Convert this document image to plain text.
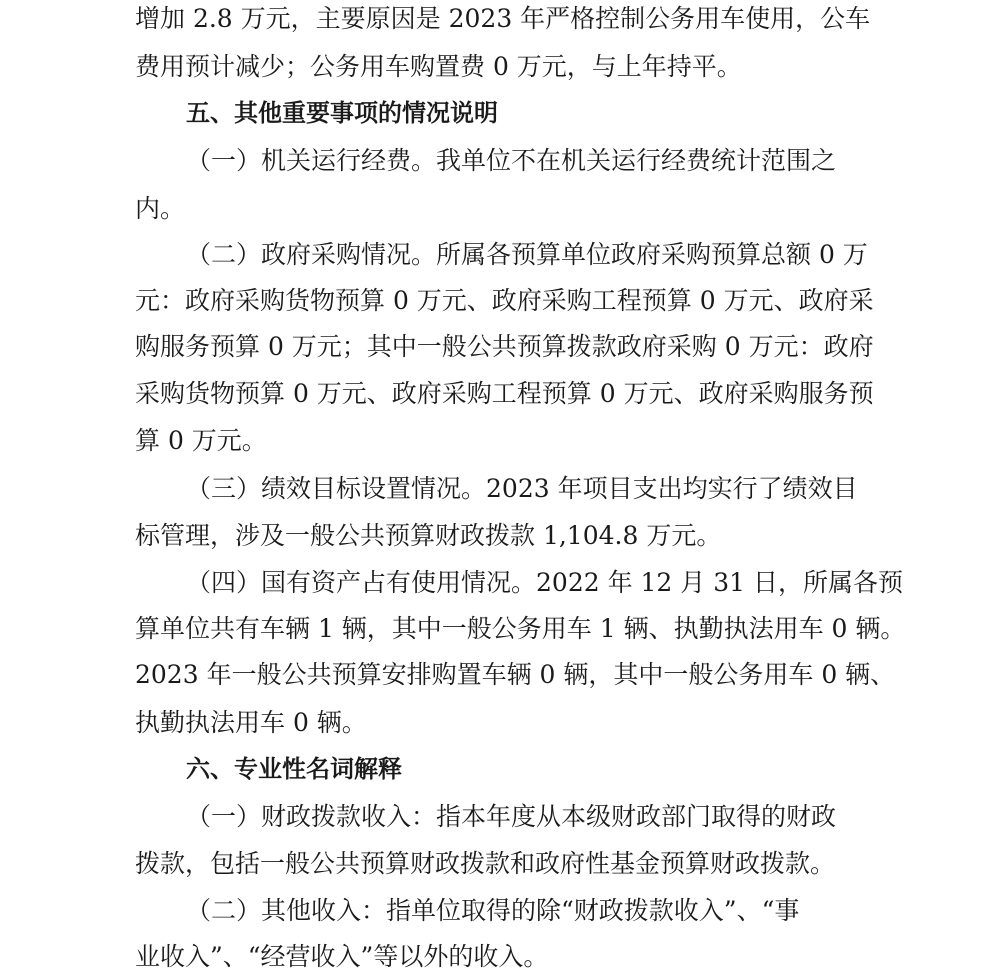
增加 2.8 万元，主要原因是 2023 年严格控制公务用车使用，公车
费用预计减少；公务用车购置费 0 万元，与上年持平。
五、其他重要事项的情况说明
（一）机关运行经费。我单位不在机关运行经费统计范围之
内。
（二）政府采购情况。所属各预算单位政府采购预算总额 0 万
元：政府采购货物预算 0 万元、政府采购工程预算 0 万元、政府采
购服务预算 0 万元；其中一般公共预算拨款政府采购 0 万元：政府
采购货物预算 0 万元、政府采购工程预算 0 万元、政府采购服务预
算 0 万元。
（三）绩效目标设置情况。2023 年项目支出均实行了绩效目
标管理，涉及一般公共预算财政拨款 1,104.8 万元。
（四）国有资产占有使用情况。2022 年 12 月 31 日，所属各预
算单位共有车辆 1 辆，其中一般公务用车 1 辆、执勤执法用车 0 辆。
2023 年一般公共预算安排购置车辆 0 辆，其中一般公务用车 0 辆、
执勤执法用车 0 辆。
六、专业性名词解释
（一）财政拨款收入：指本年度从本级财政部门取得的财政
拨款，包括一般公共预算财政拨款和政府性基金预算财政拨款。
（二）其他收入：指单位取得的除“财政拨款收入”、“事
业收入”、“经营收入”等以外的收入。
